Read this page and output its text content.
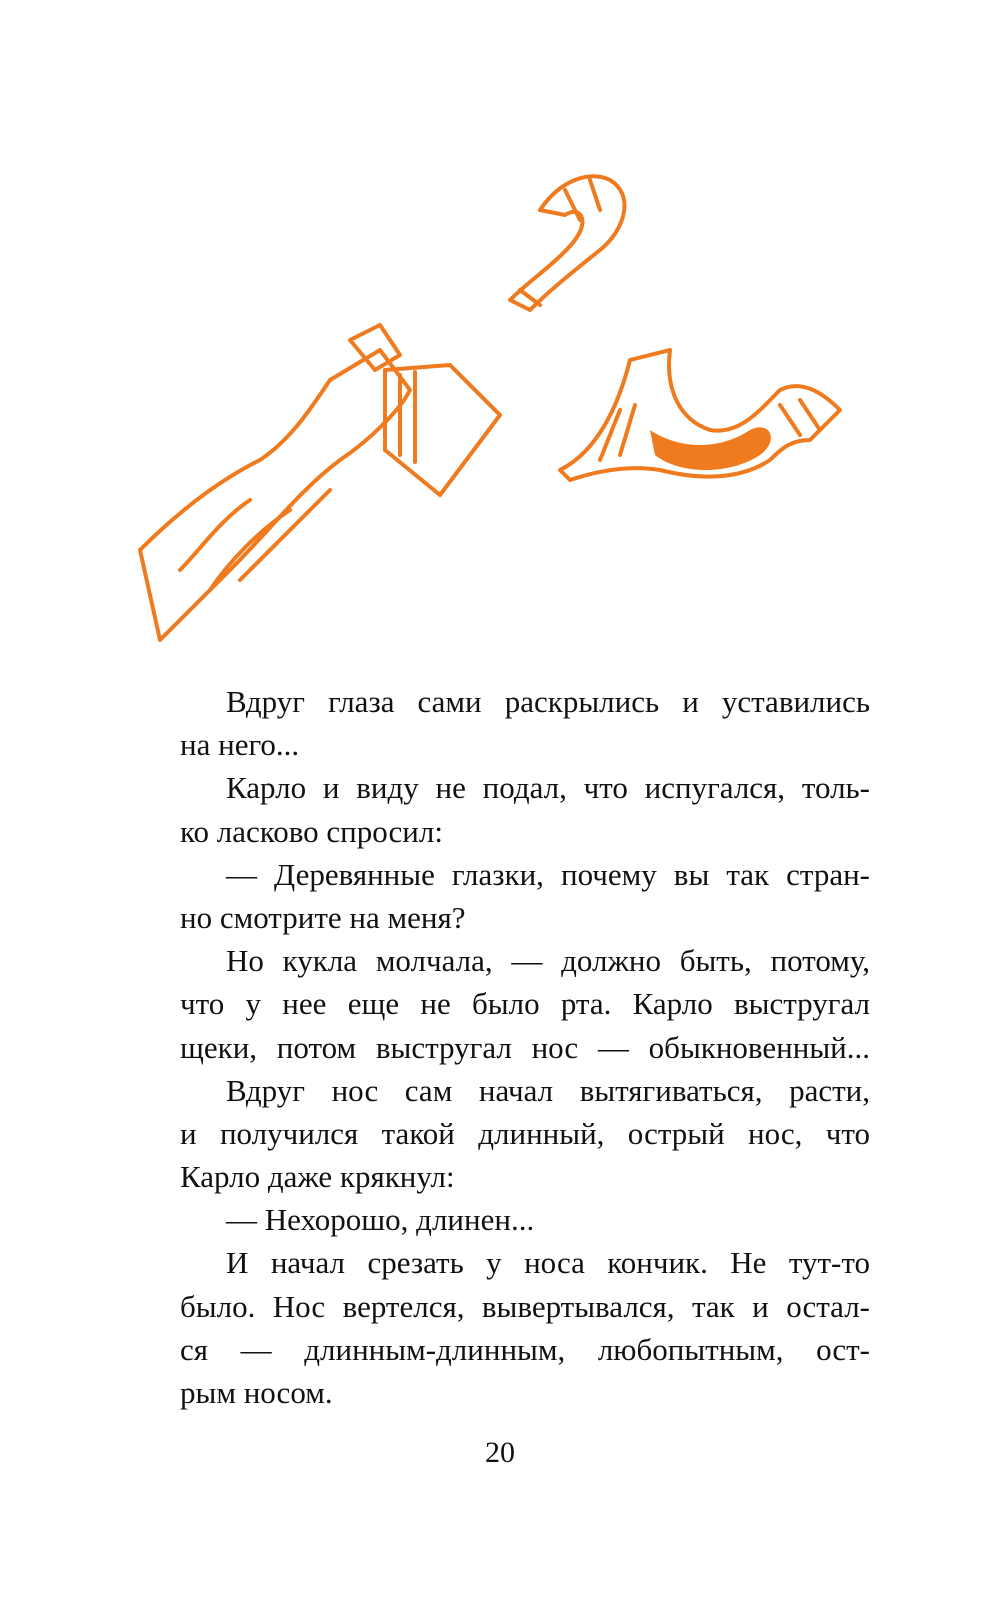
Вдруг глаза сами раскрылись и уставились
на него...
Карло и виду не подал, что испугался, толь-
ко ласково спросил:
— Деревянные глазки, почему вы так стран-
но смотрите на меня?
Но кукла молчала, — должно быть, потому,
что у нее еще не было рта. Карло выстругал
щеки, потом выстругал нос — обыкновенный...
Вдруг нос сам начал вытягиваться, расти,
и получился такой длинный, острый нос, что
Карло даже крякнул:
— Нехорошо, длинен...
И начал срезать у носа кончик. Не тут-то
было. Нос вертелся, вывертывался, так и остал-
ся — длинным-длинным, любопытным, ост-
рым носом.
20
